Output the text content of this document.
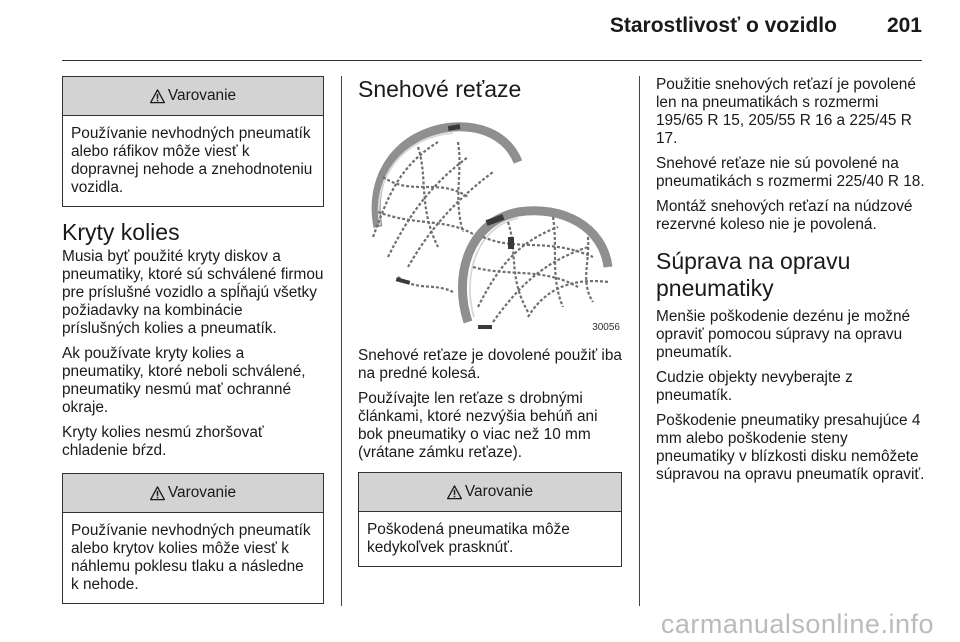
Starostlivosť o vozidlo 201
Varovanie
Používanie nevhodných pneumatík alebo ráfikov môže viesť k dopravnej nehode a znehodnoteniu vozidla.
Kryty kolies

Musia byť použité kryty diskov a pneumatiky, ktoré sú schválené firmou pre príslušné vozidlo a spĺňajú všetky požiadavky na kombinácie príslušných kolies a pneumatík.

Ak používate kryty kolies a pneumatiky, ktoré neboli schválené, pneumatiky nesmú mať ochranné okraje.

Kryty kolies nesmú zhoršovať chladenie bŕzd.

Varovanie
Používanie nevhodných pneumatík alebo krytov kolies môže viesť k náhlemu poklesu tlaku a následne k nehode.
Snehové reťaze
30056

Snehové reťaze je dovolené použiť iba na predné kolesá.

Používajte len reťaze s drobnými článkami, ktoré nezvýšia behúň ani bok pneumatiky o viac než 10 mm (vrátane zámku reťaze).

Varovanie
Poškodená pneumatika môže kedykoľvek prasknúť.

Použitie snehových reťazí je povolené len na pneumatikách s rozmermi 195/65 R 15, 205/55 R 16 a 225/45 R 17.

Snehové reťaze nie sú povolené na pneumatikách s rozmermi 225/40 R 18.

Montáž snehových reťazí na núdzové rezervné koleso nie je povolená.

Súprava na opravu pneumatiky

Menšie poškodenie dezénu je možné opraviť pomocou súpravy na opravu pneumatík.

Cudzie objekty nevyberajte z pneumatík.

Poškodenie pneumatiky presahujúce 4 mm alebo poškodenie steny pneumatiky v blízkosti disku nemôžete súpravou na opravu pneumatík opraviť.

carmanualsonline.info
